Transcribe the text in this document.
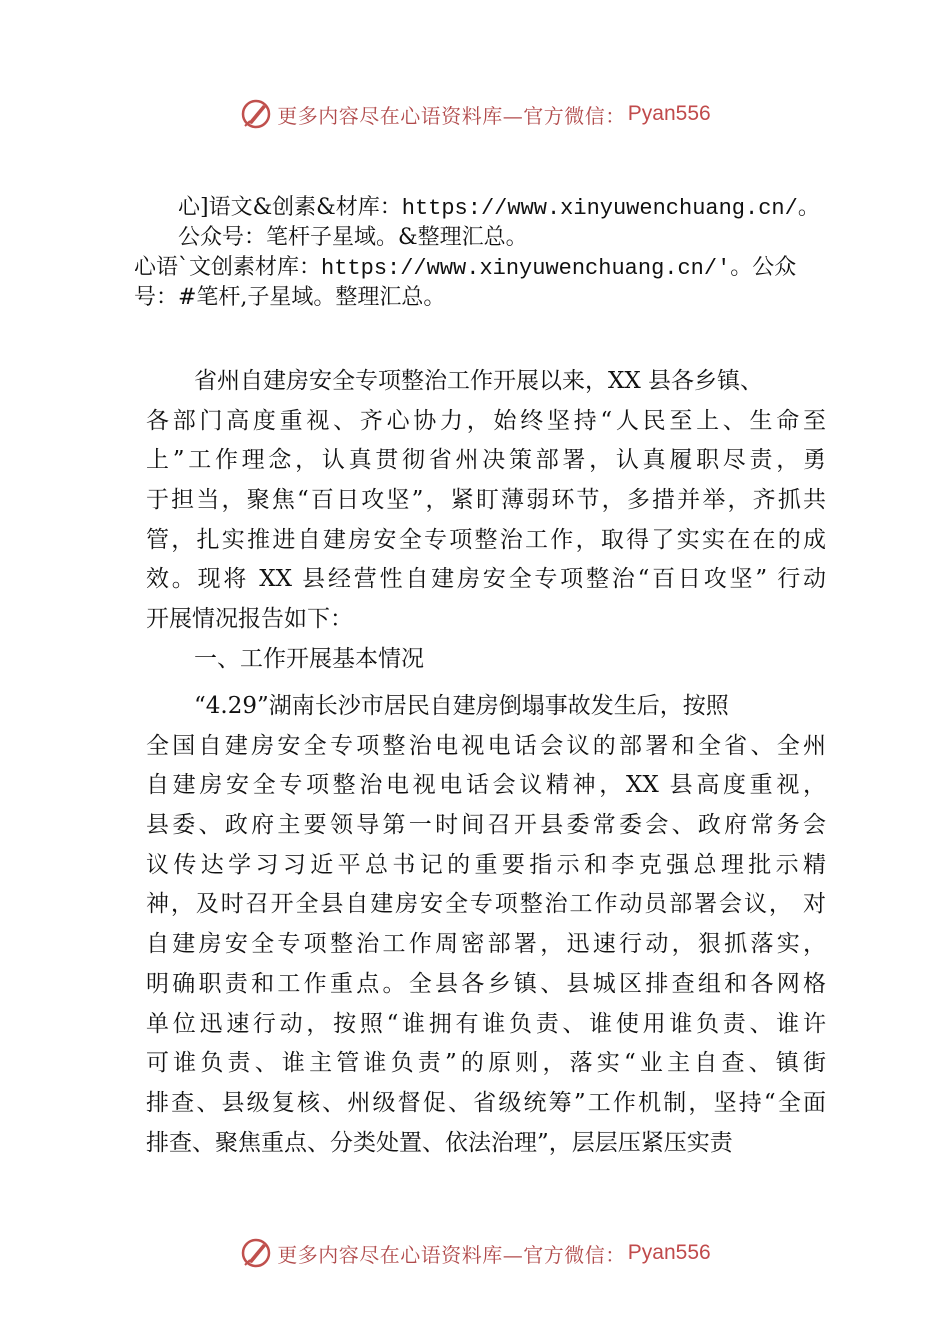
更多内容尽在心语资料库—官方微信： Pyan556
心]语文&创素&材库：https://www.xinyuwenchuang.cn/。
公众号：笔杆子星域。&整理汇总。
心语`文创素材库：https://www.xinyuwenchuang.cn/'。公众
号：#笔杆,子星域。整理汇总。
省州自建房安全专项整治工作开展以来，XX 县各乡镇、
各部门高度重视、齐心协力，始终坚持“人民至上、生命至
上”工作理念，认真贯彻省州决策部署，认真履职尽责，勇
于担当，聚焦“百日攻坚”，紧盯薄弱环节，多措并举，齐抓共
管，扎实推进自建房安全专项整治工作，取得了实实在在的成
效。现将 XX 县经营性自建房安全专项整治“百日攻坚” 行动
开展情况报告如下：
一、工作开展基本情况
“4.29”湖南长沙市居民自建房倒塌事故发生后，按照
全国自建房安全专项整治电视电话会议的部署和全省、全州
自建房安全专项整治电视电话会议精神，XX 县高度重视，
县委、政府主要领导第一时间召开县委常委会、政府常务会
议传达学习习近平总书记的重要指示和李克强总理批示精
神，及时召开全县自建房安全专项整治工作动员部署会议， 对
自建房安全专项整治工作周密部署，迅速行动，狠抓落实，
明确职责和工作重点。全县各乡镇、县城区排查组和各网格
单位迅速行动，按照“谁拥有谁负责、谁使用谁负责、谁许
可谁负责、谁主管谁负责”的原则，落实“业主自查、镇街
排查、县级复核、州级督促、省级统筹”工作机制，坚持“全面
排查、聚焦重点、分类处置、依法治理”，层层压紧压实责
更多内容尽在心语资料库—官方微信： Pyan556
